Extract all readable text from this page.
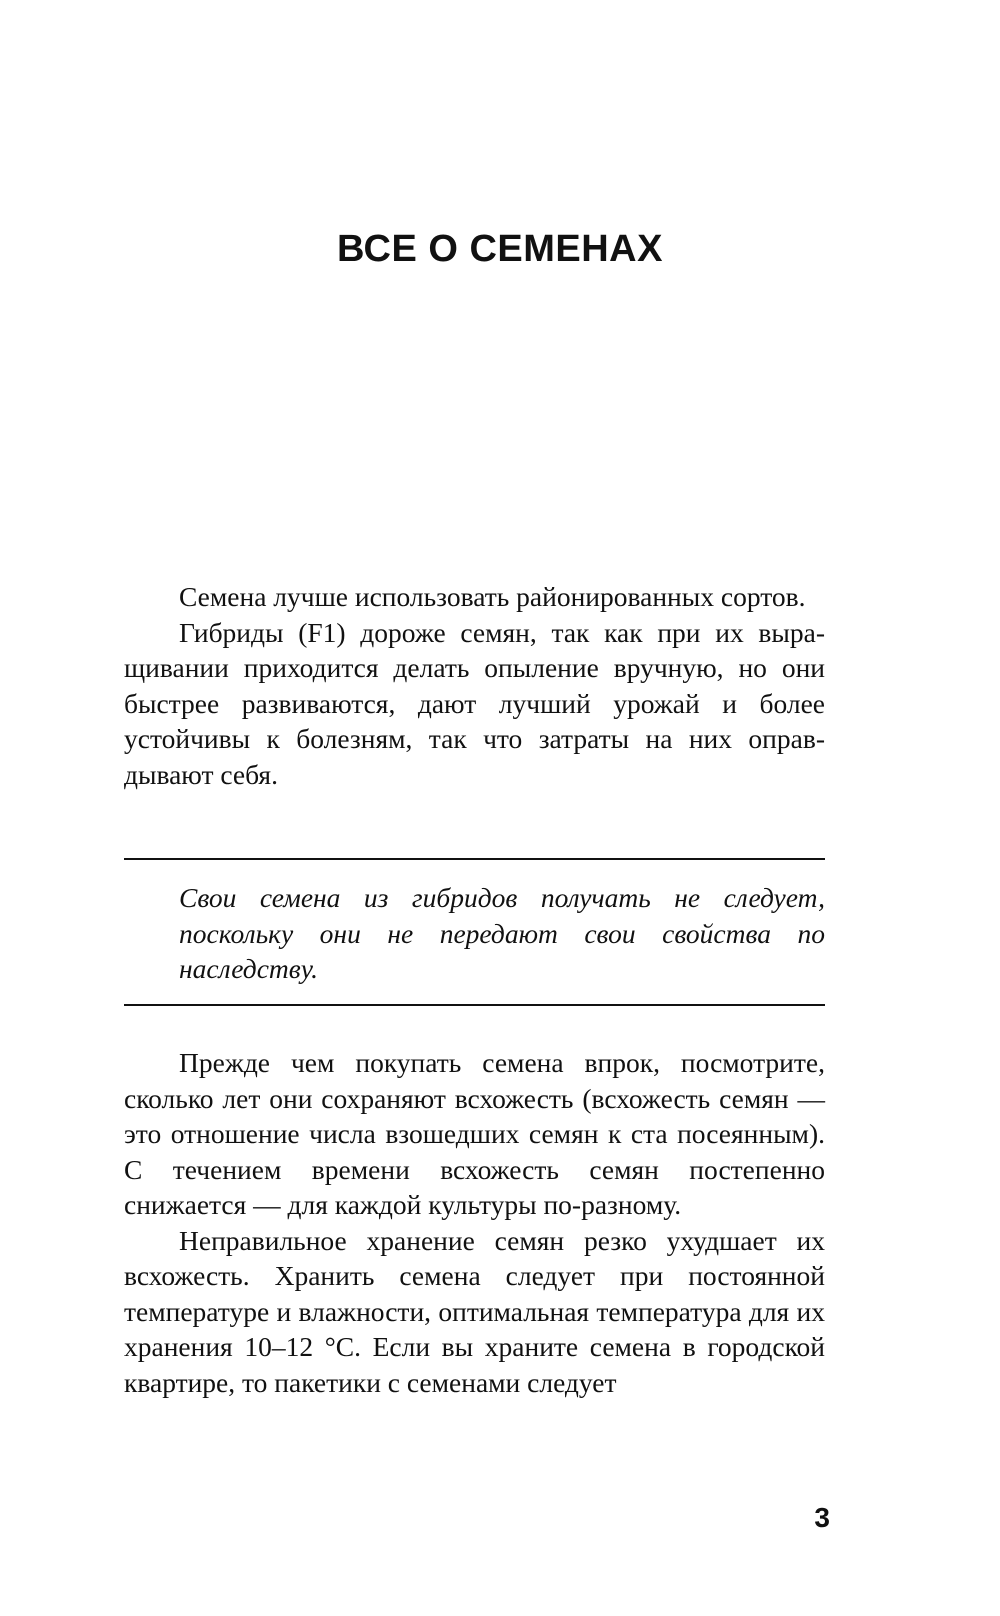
ВСЕ О СЕМЕНАХ

Семена лучше использовать районированных сортов.

Гибриды (F1) дороже семян, так как при их выращивании приходится делать опыление вручную, но они быстрее развиваются, дают лучший урожай и более устойчивы к болезням, так что затраты на них оправдывают себя.

Свои семена из гибридов получать не следует, поскольку они не передают свои свойства по наследству.

Прежде чем покупать семена впрок, посмотрите, сколько лет они сохраняют всхожесть (всхожесть семян — это отношение числа взошедших семян к ста посеянным). С течением времени всхожесть семян постепенно снижается — для каждой культуры по-разному.

Неправильное хранение семян резко ухудшает их всхожесть. Хранить семена следует при постоянной температуре и влажности, оптимальная температура для их хранения 10–12 °C. Если вы храните семена в городской квартире, то пакетики с семенами следует

3
